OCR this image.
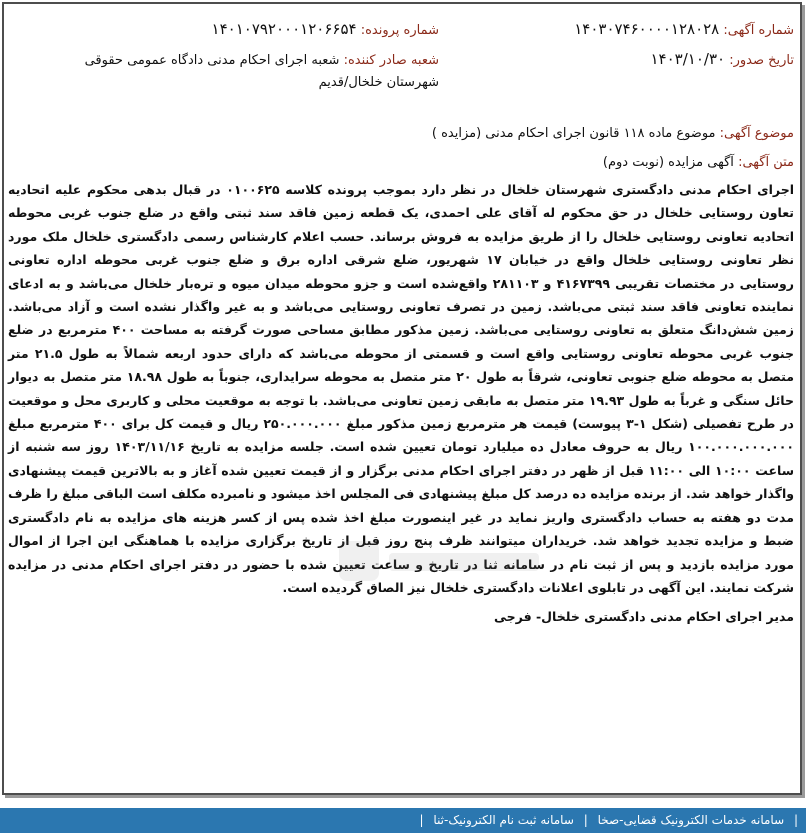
شماره آگهی: ۱۴۰۳۰۷۴۶۰۰۰۰۱۲۸۰۲۸
شماره پرونده: ۱۴۰۱۰۷۹۲۰۰۰۱۲۰۶۶۵۴
تاریخ صدور: ۱۴۰۳/۱۰/۳۰
شعبه صادر کننده: شعبه اجرای احکام مدنی دادگاه عمومی حقوقی شهرستان خلخال/قدیم
موضوع آگهی: موضوع ماده ۱۱۸ قانون اجرای احکام مدنی (مزایده )
متن آگهی: آگهی مزایده (نوبت دوم)
اجرای احکام مدنی دادگستری شهرستان خلخال در نظر دارد بموجب پرونده کلاسه ۰۱۰۰۶۲۵ در قبال بدهی محکوم علیه اتحادیه تعاون روستایی خلخال در حق محکوم له آقای علی احمدی، یک قطعه زمین فاقد سند ثبتی واقع در ضلع جنوب غربی محوطه اتحادیه تعاونی روستایی خلخال را از طریق مزایده به فروش برساند. حسب اعلام کارشناس رسمی دادگستری خلخال ملک مورد نظر تعاونی روستایی خلخال واقع در خیابان ۱۷ شهریور، ضلع شرقی اداره برق و ضلع جنوب غربی محوطه اداره تعاونی روستایی در مختصات تقریبی ۴۱۶۷۳۹۹ و ۲۸۱۱۰۳ واقع‌شده است و جزو محوطه میدان میوه و تره‌بار خلخال می‌باشد و به ادعای نماینده تعاونی فاقد سند ثبتی می‌باشد. زمین در تصرف تعاونی روستایی می‌باشد و به غیر واگذار نشده است و آزاد می‌باشد. زمین شش‌دانگ متعلق به تعاونی روستایی می‌باشد. زمین مذکور مطابق مساحی صورت گرفته به مساحت ۴۰۰ مترمربع در ضلع جنوب غربی محوطه تعاونی روستایی واقع است و قسمتی از محوطه می‌باشد که دارای حدود اربعه شمالاً به طول ۲۱.۵ متر متصل به محوطه ضلع جنوبی تعاونی، شرقاً به طول ۲۰ متر متصل به محوطه سرایداری، جنوباً به طول ۱۸.۹۸ متر متصل به دیوار حائل سنگی و غرباً به طول ۱۹.۹۳ متر متصل به مابقی زمین تعاونی می‌باشد. با توجه به موقعیت محلی و کاربری محل و موقعیت در طرح تفصیلی (شکل ۱-۳ پیوست) قیمت هر مترمربع زمین مذکور مبلغ ۲۵۰.۰۰۰.۰۰۰ ریال و قیمت کل برای ۴۰۰ مترمربع مبلغ ۱۰۰.۰۰۰.۰۰۰.۰۰۰ ریال به حروف معادل ده میلیارد تومان تعیین شده است. جلسه مزایده به تاریخ ۱۴۰۳/۱۱/۱۶ روز سه شنبه از ساعت ۱۰:۰۰ الی ۱۱:۰۰ قبل از ظهر در دفتر اجرای احکام مدنی برگزار و از قیمت تعیین شده آغاز و به بالاترین قیمت پیشنهادی واگذار خواهد شد. از برنده مزایده ده درصد کل مبلغ پیشنهادی فی المجلس اخذ میشود و نامبرده مکلف است الباقی مبلغ را ظرف مدت دو هفته به حساب دادگستری واریز نماید در غیر اینصورت مبلغ اخذ شده پس از کسر هزینه های مزایده به نام دادگستری ضبط و مزایده تجدید خواهد شد. خریداران میتوانند ظرف پنج روز قبل از تاریخ برگزاری مزایده با هماهنگی این اجرا از اموال مورد مزایده بازدید و پس از ثبت نام در سامانه ثنا در تاریخ و ساعت تعیین شده با حضور در دفتر اجرای احکام مدنی در مزایده شرکت نمایند. این آگهی در تابلوی اعلانات دادگستری خلخال نیز الصاق گردیده است.
مدیر اجرای احکام مدنی دادگستری خلخال- فرجی
| سامانه خدمات الکترونیک قضایی-صخا | سامانه ثبت نام الکترونیک-ثنا |
